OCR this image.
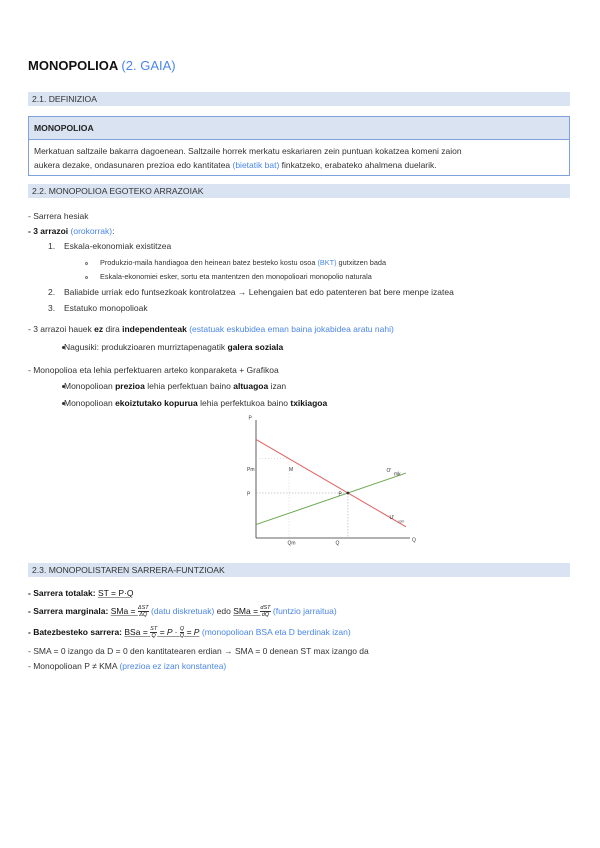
MONOPOLIOA (2. GAIA)
2.1. DEFINIZIOA
MONOPOLIOA
Merkatuan saltzaile bakarra dagoenean. Saltzaile horrek merkatu eskariaren zein puntuan kokatzea komeni zaion
aukera dezake, ondasunaren prezioa edo kantitatea (bietatik bat) finkatzeko, erabateko ahalmena duelarik.
2.2. MONOPOLIOA EGOTEKO ARRAZOIAK
- Sarrera hesiak
- 3 arrazoi (orokorrak):
1. Eskala-ekonomiak existitzea
Produkzio-maila handiagoa den heinean batez besteko kostu osoa (BKT) gutxitzen bada
Eskala-ekonomiei esker, sortu eta mantentzen den monopolioari monopolio naturala
2. Baliabide urriak edo funtsezkoak kontrolatzea → Lehengaien bat edo patenteren bat bere menpe izatea
3. Estatuko monopolioak
- 3 arrazoi hauek ez dira independenteak (estatuak eskubidea eman baina jokabidea aratu nahi)
Nagusiki: produkzioaren murriztapenagatik galera soziala
- Monopolioa eta lehia perfektuaren arteko konparaketa + Grafikoa
Monopolioan prezioa lehia perfektuan baino altuagoa izan
Monopolioan ekoiztutako kopurua lehia perfektukoa baino txikiagoa
M
P
O'
mk
U'
rcm
P
Q
Pm
P
Qm	Q
2.3. MONOPOLISTAREN SARRERA-FUNTZIOAK
- Sarrera totalak: ST = P·Q
- Sarrera marginala: SMa = $\frac{\text{ΔST}}{\Delta Q}$ (datu diskretuak) edo SMa = $\frac{\text{dST}}{dQ}$ (funtzio jarraitua)
- Batezbesteko sarrera: BSa = $\frac{ST}{Q} = P \cdot \frac{Q}{Q} = P$ (monopolioan BSA eta D berdinak izan)
- SMA = 0 izango da D = 0 den kantitatearen erdian → SMA = 0 denean ST max izango da
- Monopolioan P ≠ KMA (prezioa ez izan konstantea)
